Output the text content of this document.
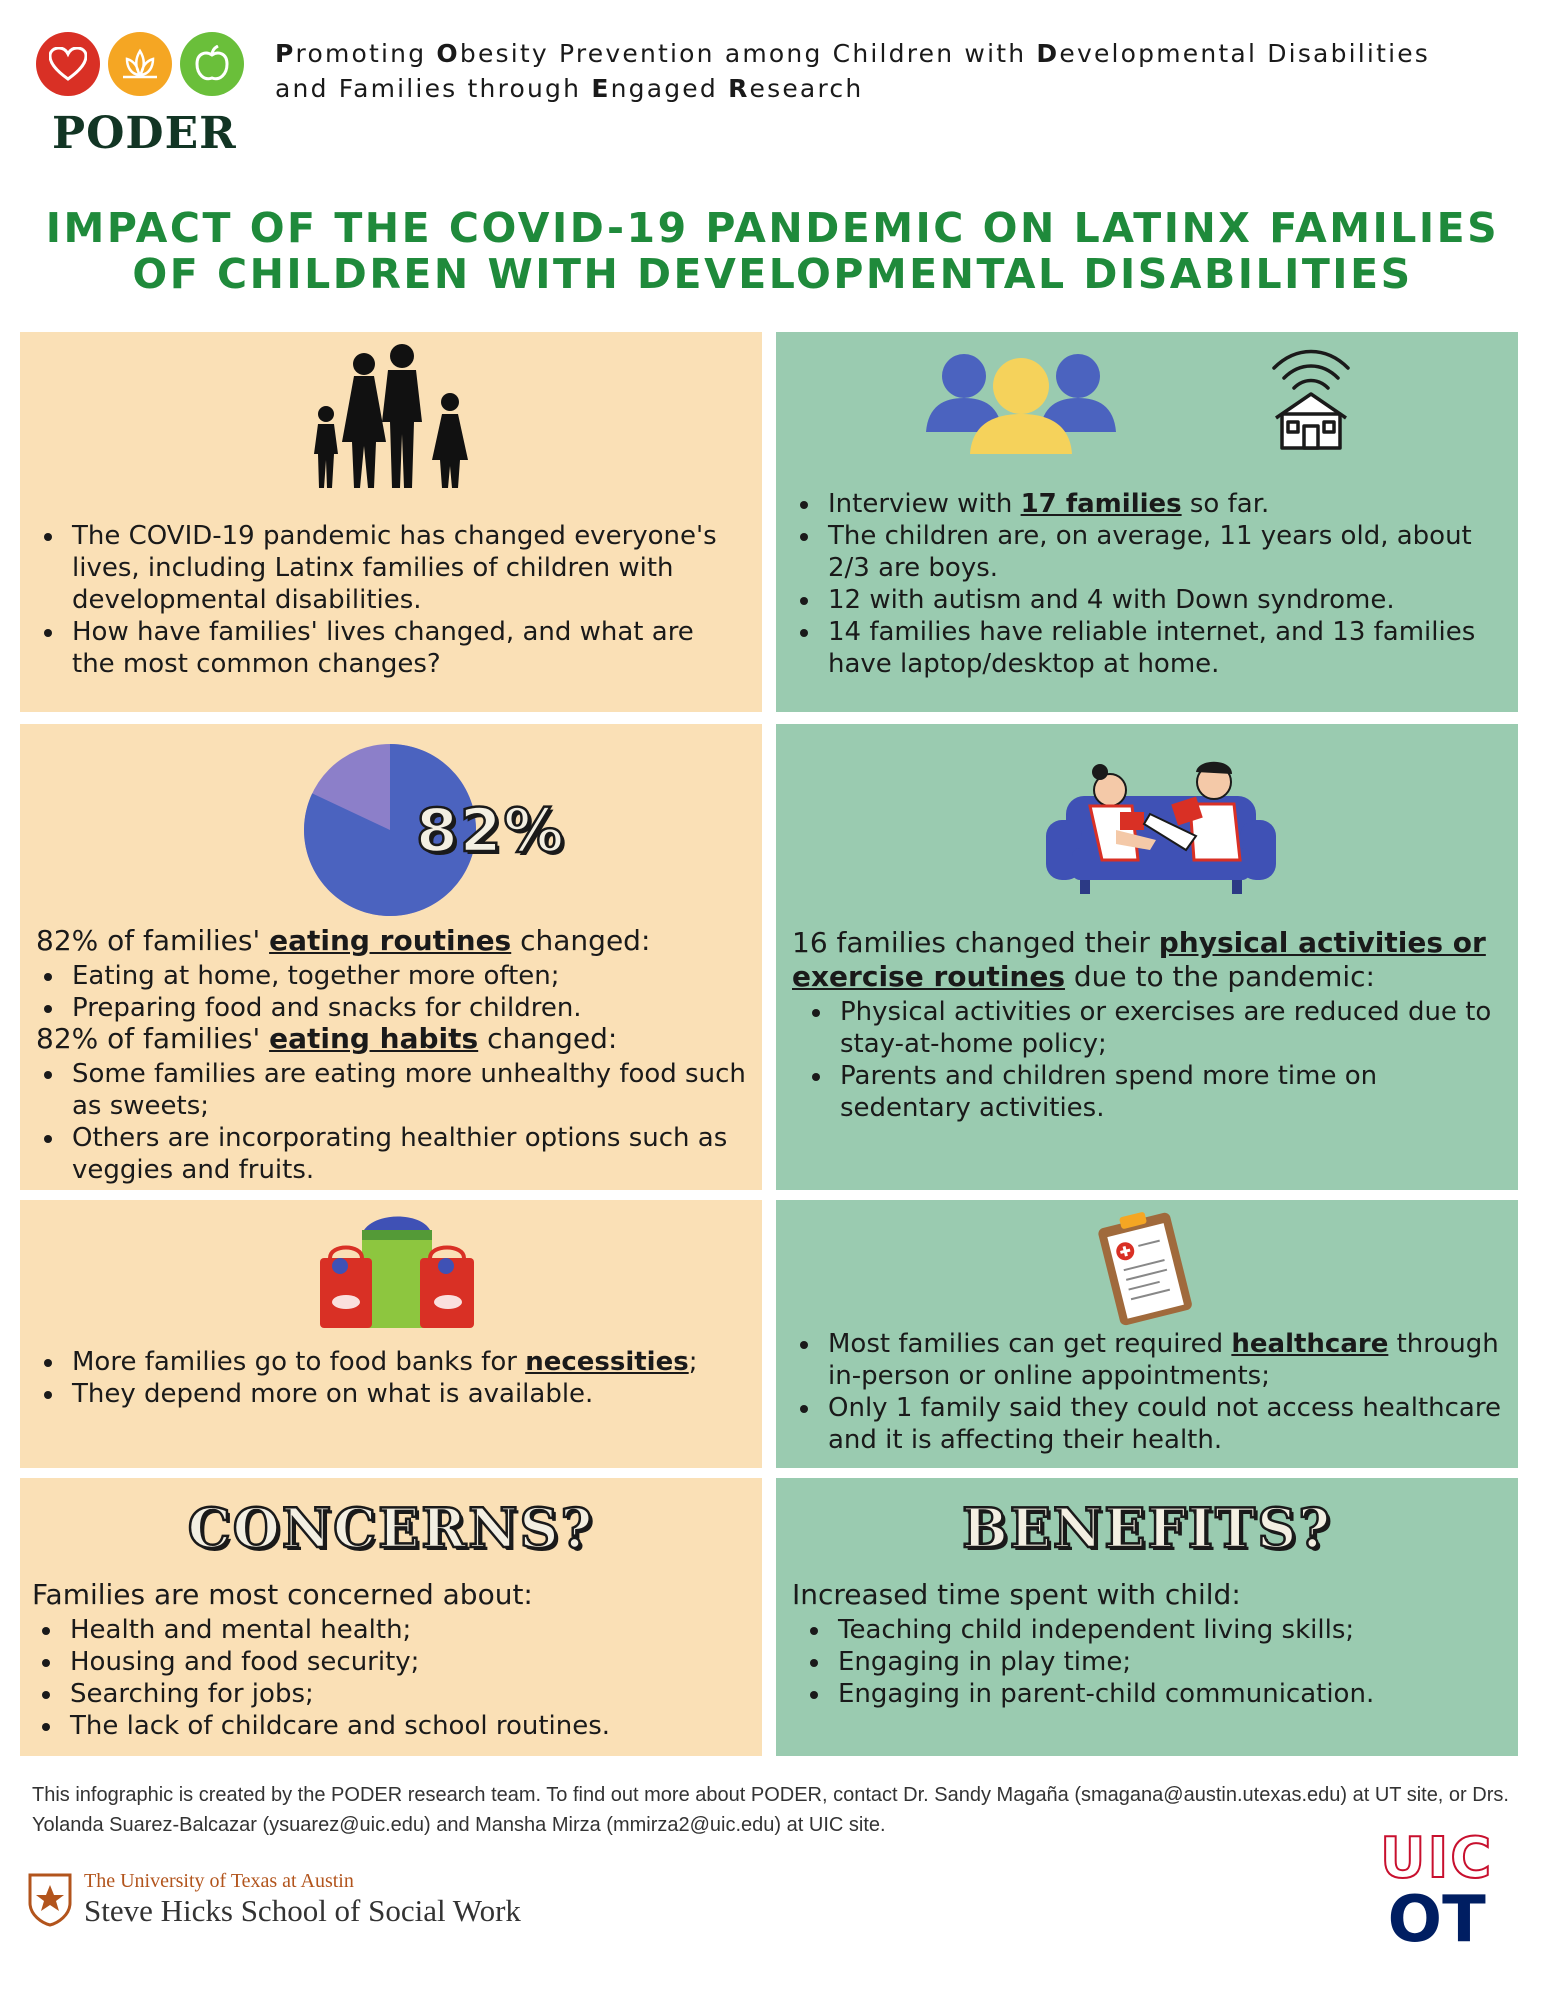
PODER
Promoting Obesity Prevention among Children with Developmental Disabilities
and Families through Engaged Research
IMPACT OF THE COVID-19 PANDEMIC ON LATINX FAMILIES
OF CHILDREN WITH DEVELOPMENTAL DISABILITIES
The COVID-19 pandemic has changed everyone's lives, including Latinx families of children with developmental disabilities.
How have families' lives changed, and what are the most common changes?
Interview with 17 families so far.
The children are, on average, 11 years old, about 2/3 are boys.
12 with autism and 4 with Down syndrome.
14 families have reliable internet, and 13 families have laptop/desktop at home.
82%
82% of families' eating routines changed:
Eating at home, together more often;
Preparing food and snacks for children.
82% of families' eating habits changed:
Some families are eating more unhealthy food such as sweets;
Others are incorporating healthier options such as veggies and fruits.
16 families changed their physical activities or exercise routines due to the pandemic:
Physical activities or exercises are reduced due to stay-at-home policy;
Parents and children spend more time on sedentary activities.
More families go to food banks for necessities;
They depend more on what is available.
Most families can get required healthcare through in-person or online appointments;
Only 1 family said they could not access healthcare and it is affecting their health.
CONCERNS?
Families are most concerned about:
Health and mental health;
Housing and food security;
Searching for jobs;
The lack of childcare and school routines.
BENEFITS?
Increased time spent with child:
Teaching child independent living skills;
Engaging in play time;
Engaging in parent-child communication.
This infographic is created by the PODER research team. To find out more about PODER, contact Dr. Sandy Magaña (smagana@austin.utexas.edu) at UT site, or Drs. Yolanda Suarez-Balcazar (ysuarez@uic.edu) and Mansha Mirza (mmirza2@uic.edu) at UIC site.
The University of Texas at Austin
Steve Hicks School of Social Work
UIC
OT
